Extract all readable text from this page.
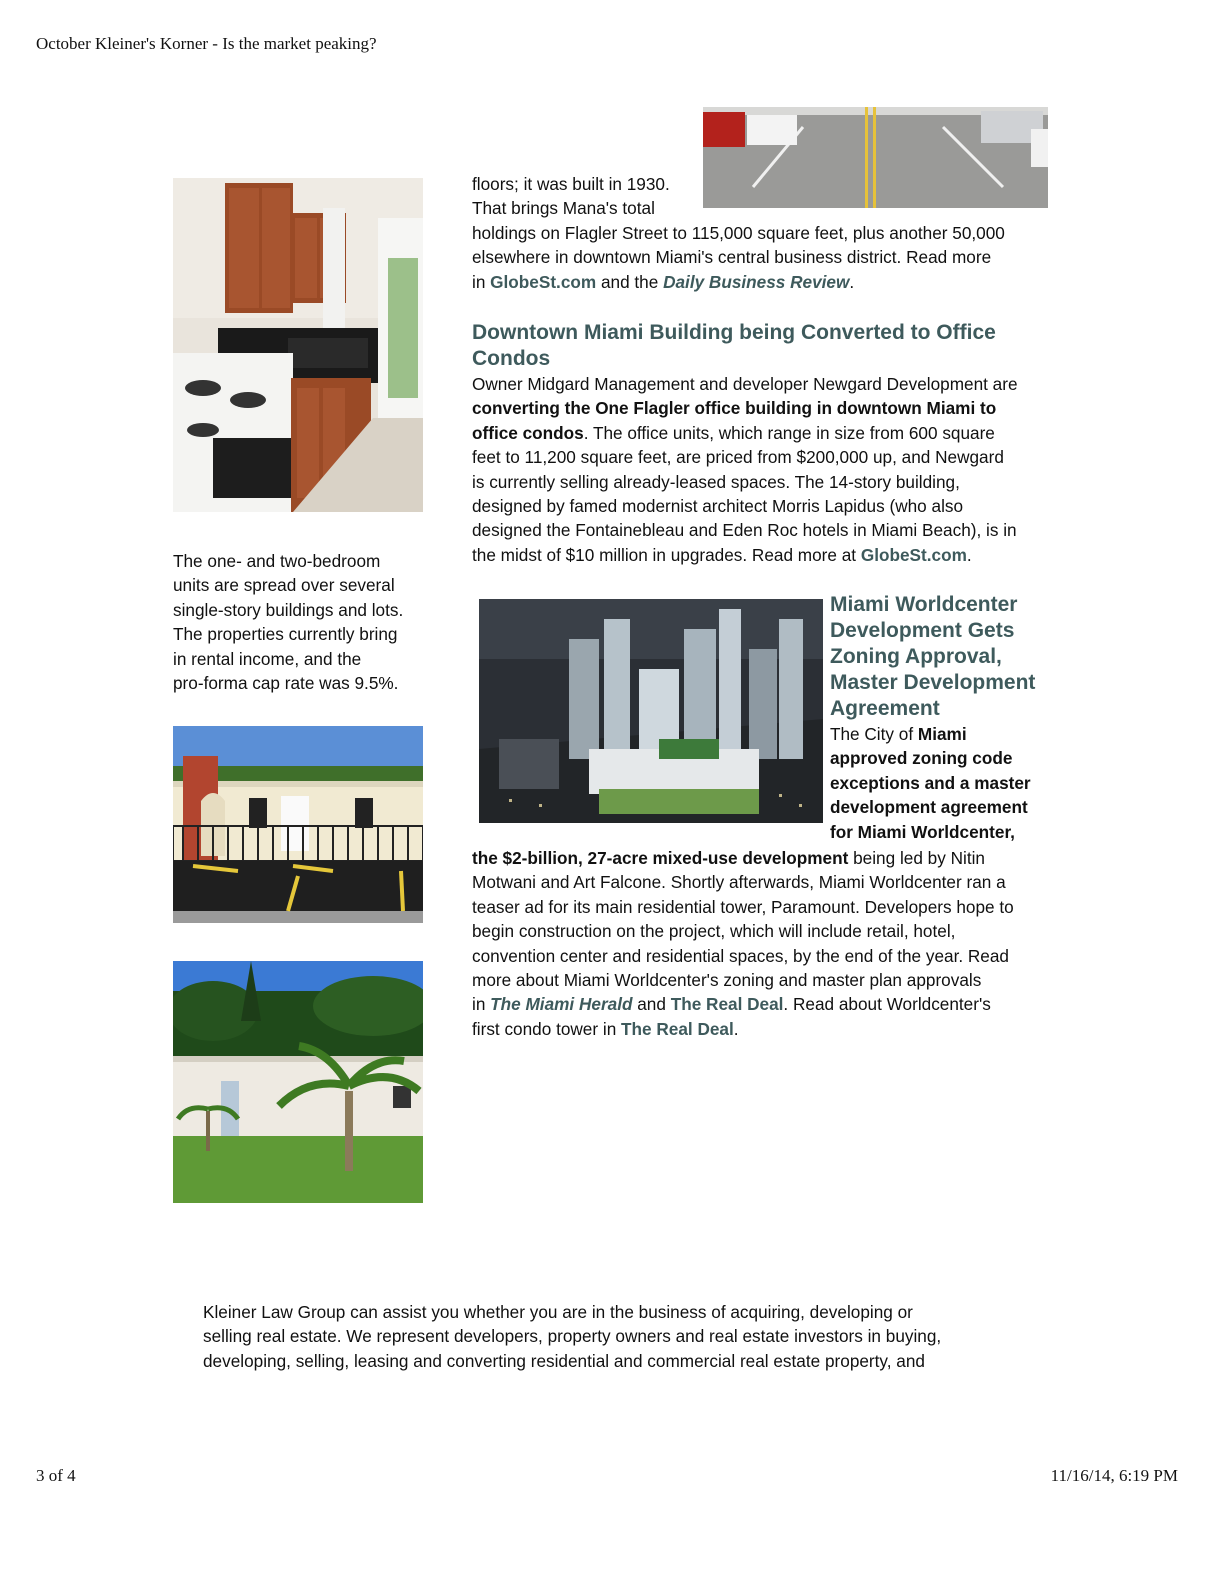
October Kleiner's Korner - Is the market peaking?

The one- and two-bedroom

units are spread over several

single-story buildings and lots.

The properties currently bring

in rental income, and the

pro-forma cap rate was 9.5%.

floors; it was built in 1930.

That brings Mana's total

holdings on Flagler Street to 115,000 square feet, plus another 50,000

elsewhere in downtown Miami's central business district. Read more

in GlobeSt.com and the Daily Business Review.

Downtown Miami Building being Converted to Office

Condos

Owner Midgard Management and developer Newgard Development are

converting the One Flagler office building in downtown Miami to

office condos. The office units, which range in size from 600 square

feet to 11,200 square feet, are priced from $200,000 up, and Newgard

is currently selling already-leased spaces. The 14-story building,

designed by famed modernist architect Morris Lapidus (who also

designed the Fontainebleau and Eden Roc hotels in Miami Beach), is in

the midst of $10 million in upgrades. Read more at GlobeSt.com.

Miami Worldcenter

Development Gets

Zoning Approval,

Master Development

Agreement

The City of Miami

approved zoning code

exceptions and a master

development agreement

for Miami Worldcenter,

the $2-billion, 27-acre mixed-use development being led by Nitin

Motwani and Art Falcone. Shortly afterwards, Miami Worldcenter ran a

teaser ad for its main residential tower, Paramount. Developers hope to

begin construction on the project, which will include retail, hotel,

convention center and residential spaces, by the end of the year. Read

more about Miami Worldcenter's zoning and master plan approvals

in The Miami Herald and The Real Deal. Read about Worldcenter's

first condo tower in The Real Deal.

Kleiner Law Group can assist you whether you are in the business of acquiring, developing or

selling real estate. We represent developers, property owners and real estate investors in buying,

developing, selling, leasing and converting residential and commercial real estate property, and

3 of 4	11/16/14, 6:19 PM
